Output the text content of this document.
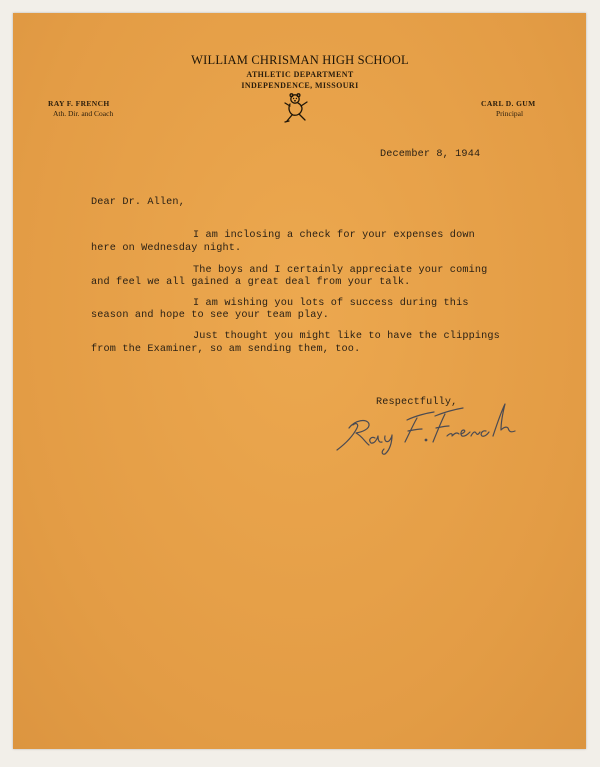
WILLIAM CHRISMAN HIGH SCHOOL
ATHLETIC DEPARTMENT
INDEPENDENCE, MISSOURI
RAY F. FRENCH
Ath. Dir. and Coach
CARL D. GUM
Principal
December 8, 1944
Dear Dr. Allen,
I am inclosing a check for your expenses down
here on Wednesday night.
The boys and I certainly appreciate your coming
and feel we all gained a great deal from your talk.
I am wishing you lots of success during this
season and hope to see your team play.
Just thought you might like to have the clippings
from the Examiner, so am sending them, too.
Respectfully,
